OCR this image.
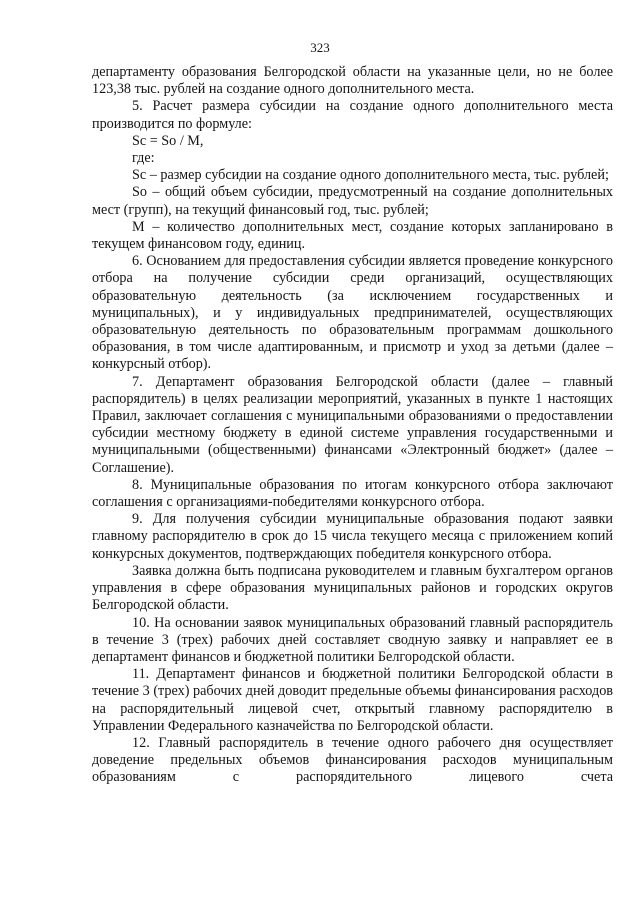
323

департаменту образования Белгородской области на указанные цели, но не более 123,38 тыс. рублей на создание одного дополнительного места.

5. Расчет размера субсидии на создание одного дополнительного места производится по формуле:

Sc = So / M,

где:

Sc – размер субсидии на создание одного дополнительного места, тыс. рублей;

So – общий объем субсидии, предусмотренный на создание дополнительных мест (групп), на текущий финансовый год, тыс. рублей;

M – количество дополнительных мест, создание которых запланировано в текущем финансовом году, единиц.

6. Основанием для предоставления субсидии является проведение конкурсного отбора на получение субсидии среди организаций, осуществляющих образовательную деятельность (за исключением государственных и муниципальных), и у индивидуальных предпринимателей, осуществляющих образовательную деятельность по образовательным программам дошкольного образования, в том числе адаптированным, и присмотр и уход за детьми (далее – конкурсный отбор).

7. Департамент образования Белгородской области (далее – главный распорядитель) в целях реализации мероприятий, указанных в пункте 1 настоящих Правил, заключает соглашения с муниципальными образованиями о предоставлении субсидии местному бюджету в единой системе управления государственными и муниципальными (общественными) финансами «Электронный бюджет» (далее – Соглашение).

8. Муниципальные образования по итогам конкурсного отбора заключают соглашения с организациями-победителями конкурсного отбора.

9. Для получения субсидии муниципальные образования подают заявки главному распорядителю в срок до 15 числа текущего месяца с приложением копий конкурсных документов, подтверждающих победителя конкурсного отбора.

Заявка должна быть подписана руководителем и главным бухгалтером органов управления в сфере образования муниципальных районов и городских округов Белгородской области.

10. На основании заявок муниципальных образований главный распорядитель в течение 3 (трех) рабочих дней составляет сводную заявку и направляет ее в департамент финансов и бюджетной политики Белгородской области.

11. Департамент финансов и бюджетной политики Белгородской области в течение 3 (трех) рабочих дней доводит предельные объемы финансирования расходов на распорядительный лицевой счет, открытый главному распорядителю в Управлении Федерального казначейства по Белгородской области.

12. Главный распорядитель в течение одного рабочего дня осуществляет доведение предельных объемов финансирования расходов муниципальным образованиям с распорядительного лицевого счета
